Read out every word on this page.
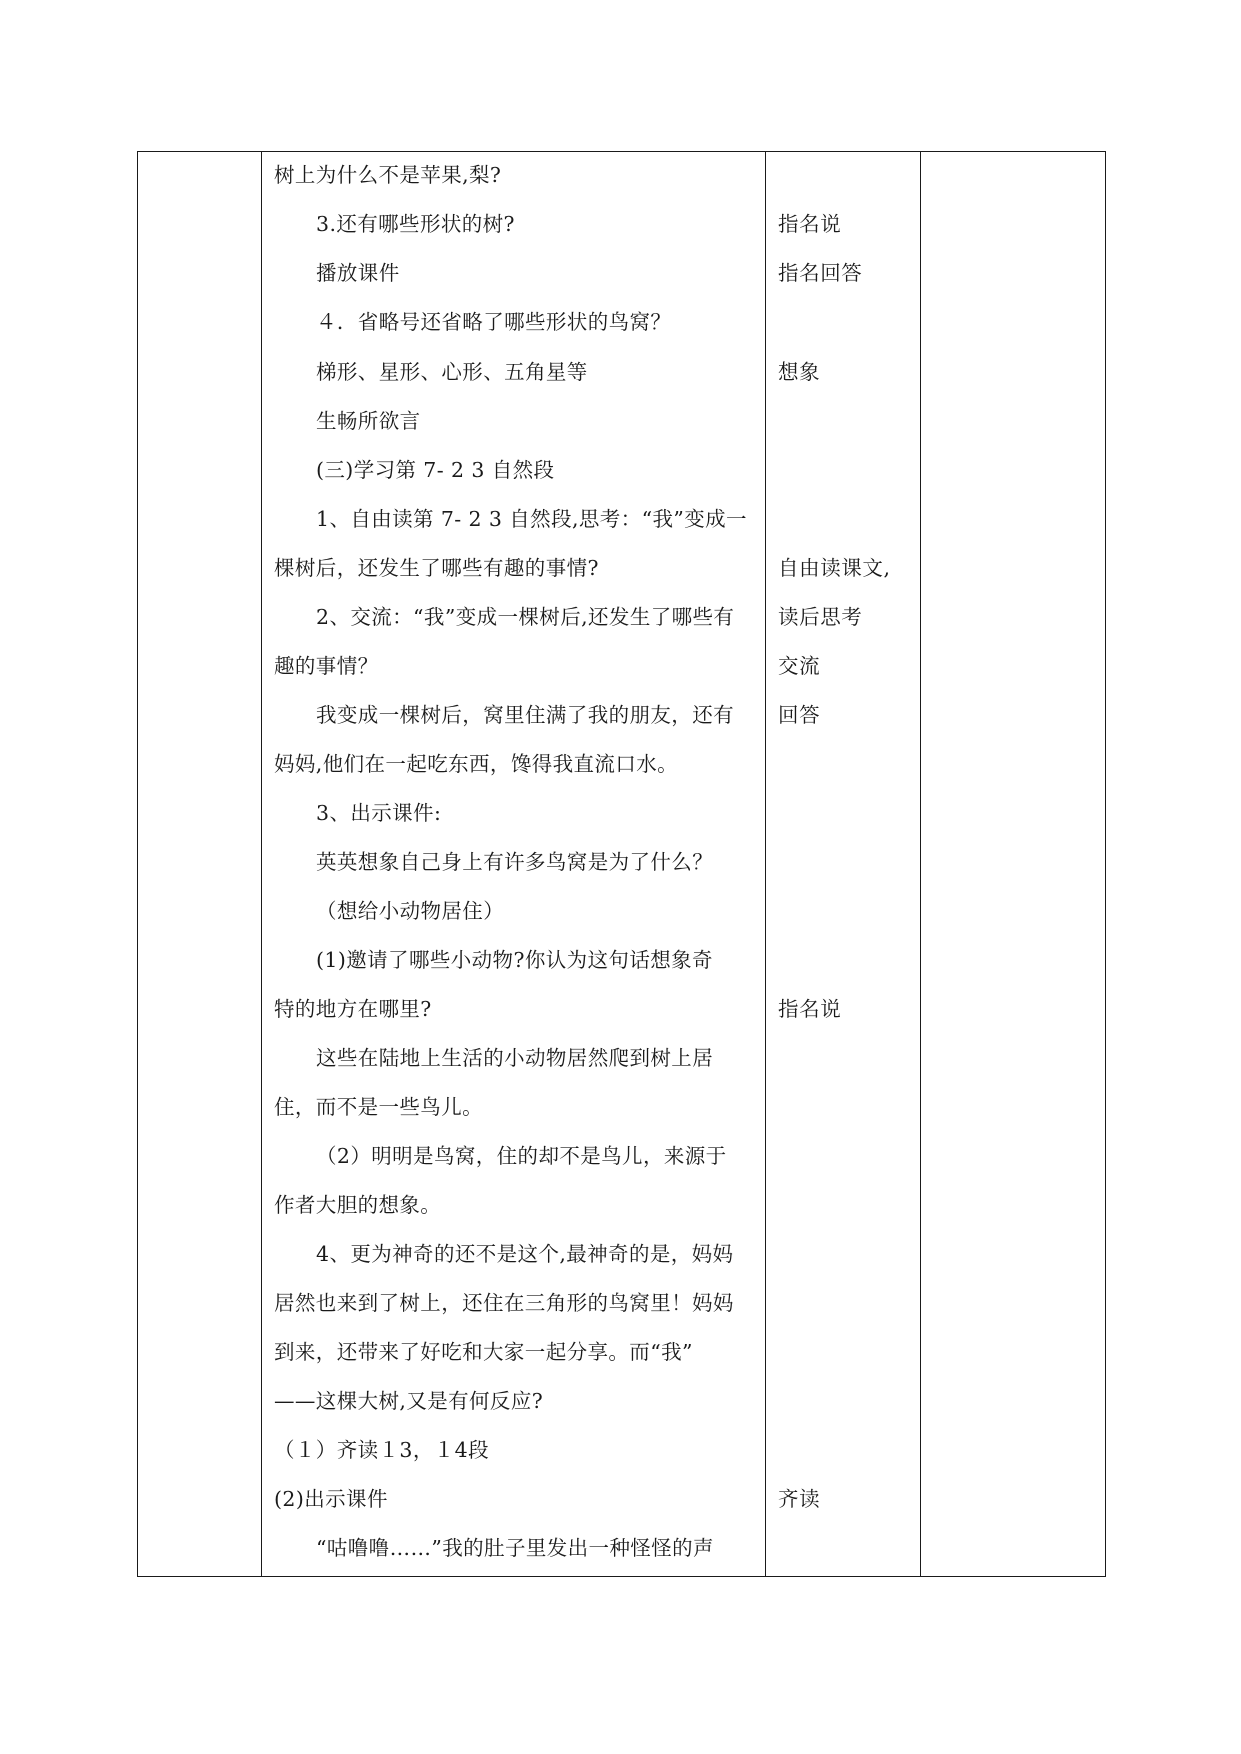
树上为什么不是苹果,梨?
3.还有哪些形状的树?
播放课件
４．省略号还省略了哪些形状的鸟窝？
梯形、星形、心形、五角星等
生畅所欲言
(三)学习第 7- 2 3 自然段
1、自由读第 7- 2 3 自然段,思考：“我”变成一
棵树后，还发生了哪些有趣的事情?
2、交流：“我”变成一棵树后,还发生了哪些有
趣的事情？
我变成一棵树后，窝里住满了我的朋友，还有
妈妈,他们在一起吃东西，馋得我直流口水。
3、出示课件:
英英想象自己身上有许多鸟窝是为了什么？
（想给小动物居住）
(1)邀请了哪些小动物?你认为这句话想象奇
特的地方在哪里?
这些在陆地上生活的小动物居然爬到树上居
住，而不是一些鸟儿。
（2）明明是鸟窝，住的却不是鸟儿，来源于
作者大胆的想象。
4、更为神奇的还不是这个,最神奇的是，妈妈
居然也来到了树上，还住在三角形的鸟窝里！妈妈
到来，还带来了好吃和大家一起分享。而“我”
——这棵大树,又是有何反应?
（１）齐读１3，１4段
(2)出示课件
“咕噜噜……”我的肚子里发出一种怪怪的声
指名说
指名回答
想象
自由读课文,
读后思考
交流
回答
指名说
齐读
